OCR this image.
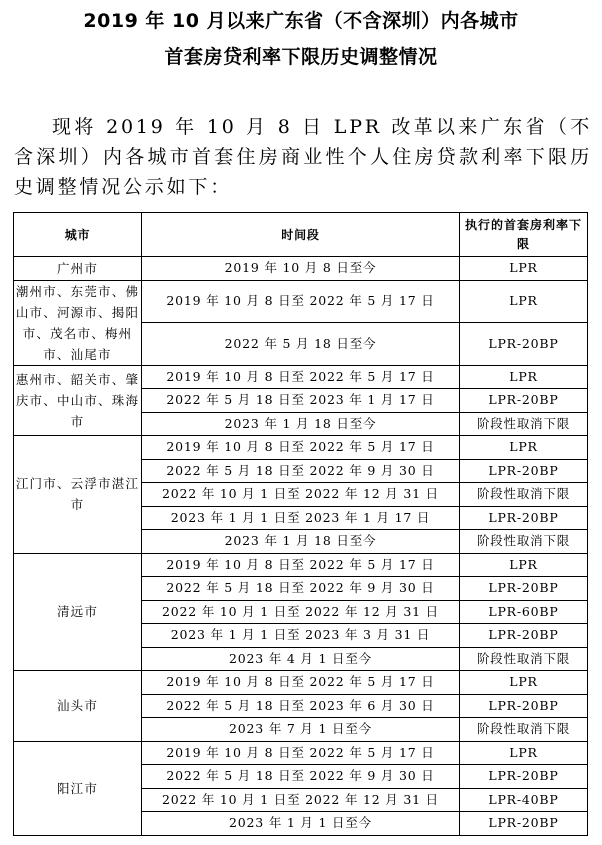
2019 年 10 月以来广东省（不含深圳）内各城市
首套房贷利率下限历史调整情况
现将 2019 年 10 月 8 日 LPR 改革以来广东省（不含深圳）内各城市首套住房商业性个人住房贷款利率下限历史调整情况公示如下：
城市	时间段	执行的首套房利率下限
广州市	2019 年 10 月 8 日至今	LPR
潮州市、东莞市、佛山市、河源市、揭阳市、茂名市、梅州市、汕尾市	2019 年 10 月 8 日至 2022 年 5 月 17 日	LPR
	2022 年 5 月 18 日至今	LPR-20BP
惠州市、韶关市、肇庆市、中山市、珠海市	2019 年 10 月 8 日至 2022 年 5 月 17 日	LPR
	2022 年 5 月 18 日至 2023 年 1 月 17 日	LPR-20BP
	2023 年 1 月 18 日至今	阶段性取消下限
江门市、云浮市湛江市	2019 年 10 月 8 日至 2022 年 5 月 17 日	LPR
	2022 年 5 月 18 日至 2022 年 9 月 30 日	LPR-20BP
	2022 年 10 月 1 日至 2022 年 12 月 31 日	阶段性取消下限
	2023 年 1 月 1 日至 2023 年 1 月 17 日	LPR-20BP
	2023 年 1 月 18 日至今	阶段性取消下限
清远市	2019 年 10 月 8 日至 2022 年 5 月 17 日	LPR
	2022 年 5 月 18 日至 2022 年 9 月 30 日	LPR-20BP
	2022 年 10 月 1 日至 2022 年 12 月 31 日	LPR-60BP
	2023 年 1 月 1 日至 2023 年 3 月 31 日	LPR-20BP
	2023 年 4 月 1 日至今	阶段性取消下限
汕头市	2019 年 10 月 8 日至 2022 年 5 月 17 日	LPR
	2022 年 5 月 18 日至 2023 年 6 月 30 日	LPR-20BP
	2023 年 7 月 1 日至今	阶段性取消下限
阳江市	2019 年 10 月 8 日至 2022 年 5 月 17 日	LPR
	2022 年 5 月 18 日至 2022 年 9 月 30 日	LPR-20BP
	2022 年 10 月 1 日至 2022 年 12 月 31 日	LPR-40BP
	2023 年 1 月 1 日至今	LPR-20BP
